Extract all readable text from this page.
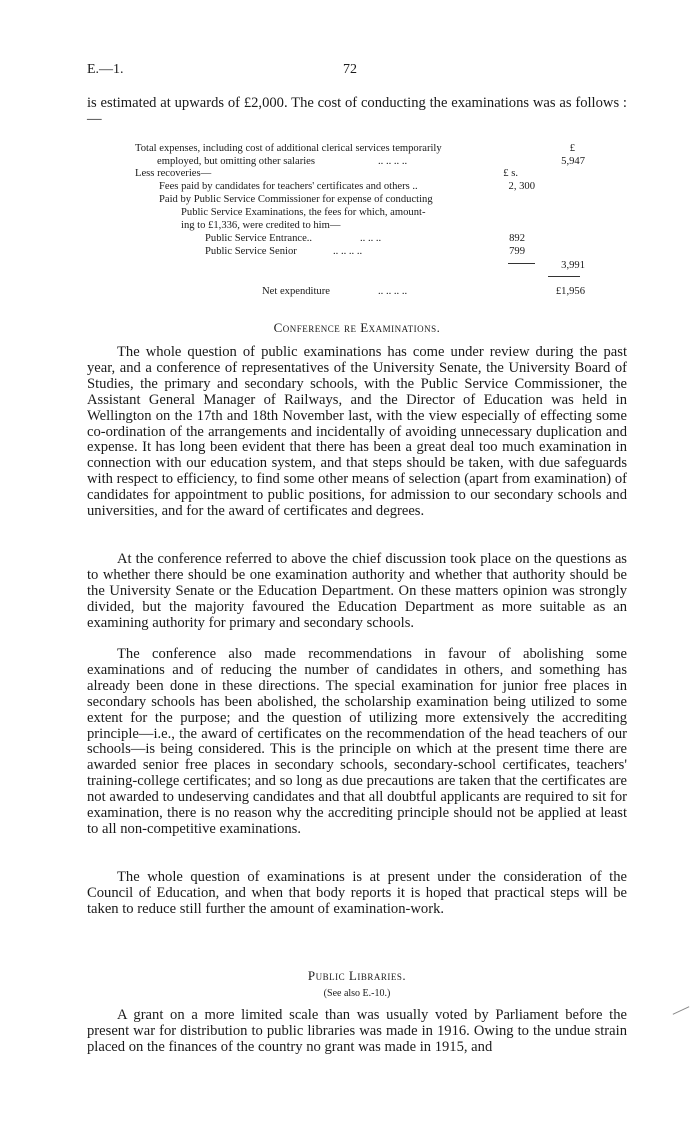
E.—1.	72

is estimated at upwards of £2,000. The cost of conducting the examinations was as follows :—

Total expenses, including cost of additional clerical services temporarily	£
employed, but omitting other salaries	.. .. .. ..	5,947
Less recoveries—	£ s.
Fees paid by candidates for teachers' certificates and others ..	2, 300
Paid by Public Service Commissioner for expense of conducting
Public Service Examinations, the fees for which, amount-
ing to £1,336, were credited to him—
Public Service Entrance..	.. .. ..	892
Public Service Senior	.. .. .. ..	799
3,991
Net expenditure	.. .. .. ..	£1,956
Conference re Examinations.

The whole question of public examinations has come under review during the past year, and a conference of representatives of the University Senate, the University Board of Studies, the primary and secondary schools, with the Public Service Commissioner, the Assistant General Manager of Railways, and the Director of Education was held in Wellington on the 17th and 18th November last, with the view especially of effecting some co-ordination of the arrangements and incidentally of avoiding unnecessary duplication and expense. It has long been evident that there has been a great deal too much examination in connection with our education system, and that steps should be taken, with due safeguards with respect to efficiency, to find some other means of selection (apart from examination) of candidates for appointment to public positions, for admission to our secondary schools and universities, and for the award of certificates and degrees.

At the conference referred to above the chief discussion took place on the questions as to whether there should be one examination authority and whether that authority should be the University Senate or the Education Department. On these matters opinion was strongly divided, but the majority favoured the Education Department as more suitable as an examining authority for primary and secondary schools.

The conference also made recommendations in favour of abolishing some examinations and of reducing the number of candidates in others, and something has already been done in these directions. The special examination for junior free places in secondary schools has been abolished, the scholarship examination being utilized to some extent for the purpose; and the question of utilizing more extensively the accrediting principle—i.e., the award of certificates on the recommendation of the head teachers of our schools—is being considered. This is the principle on which at the present time there are awarded senior free places in secondary schools, secondary-school certificates, teachers' training-college certificates; and so long as due precautions are taken that the certificates are not awarded to undeserving candidates and that all doubtful applicants are required to sit for examination, there is no reason why the accrediting principle should not be applied at least to all non-competitive examinations.

The whole question of examinations is at present under the consideration of the Council of Education, and when that body reports it is hoped that practical steps will be taken to reduce still further the amount of examination-work.

Public Libraries.
(See also E.-10.)

A grant on a more limited scale than was usually voted by Parliament before the present war for distribution to public libraries was made in 1916. Owing to the undue strain placed on the finances of the country no grant was made in 1915, and
